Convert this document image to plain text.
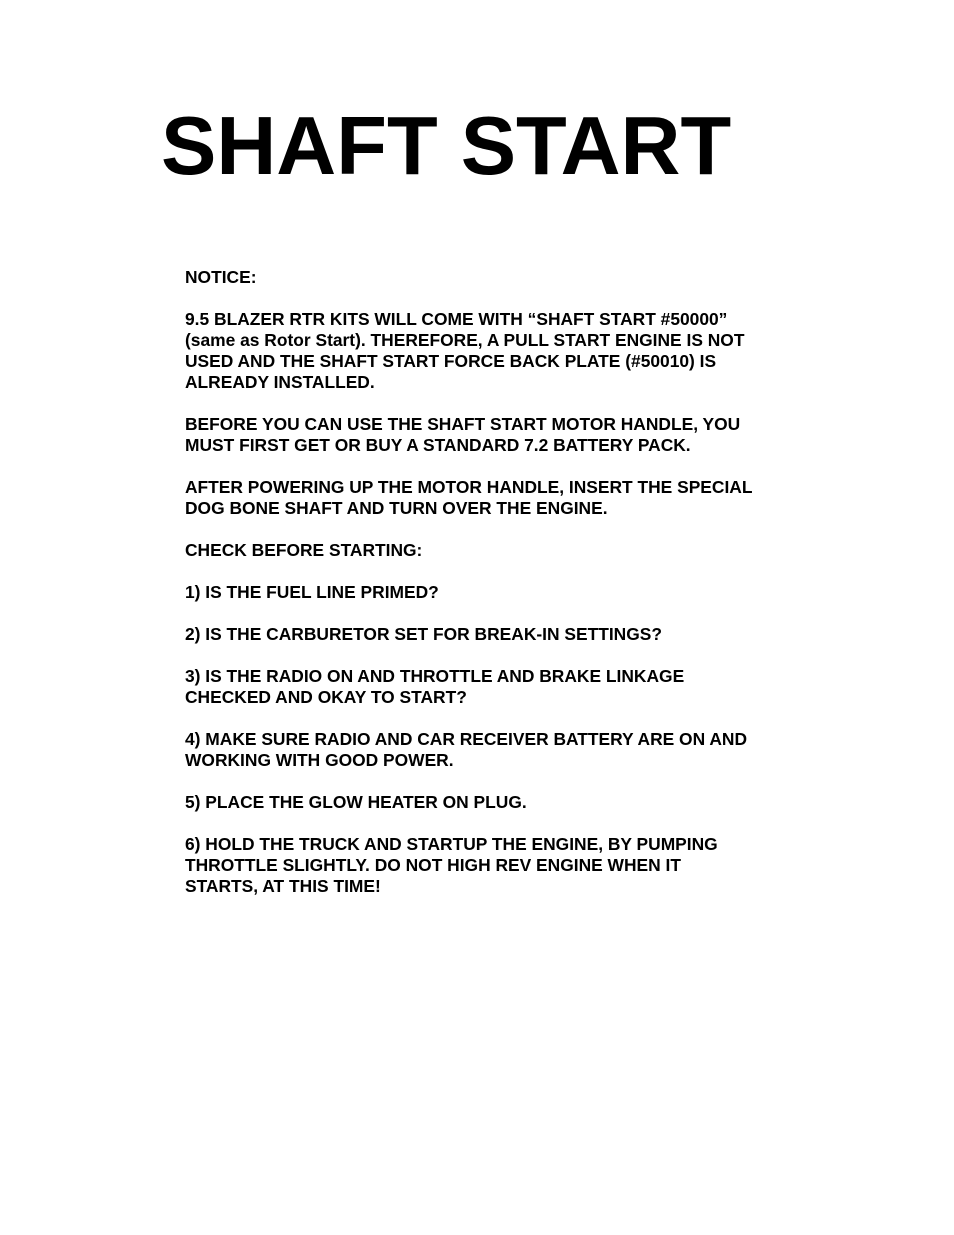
SHAFT START

NOTICE:

9.5 BLAZER RTR KITS WILL COME WITH “SHAFT START #50000”
(same as Rotor Start). THEREFORE, A PULL START ENGINE IS NOT
USED AND THE SHAFT START FORCE BACK PLATE (#50010) IS
ALREADY INSTALLED.

BEFORE YOU CAN USE THE SHAFT START MOTOR HANDLE, YOU
MUST FIRST GET OR BUY A STANDARD 7.2 BATTERY PACK.

AFTER POWERING UP THE MOTOR HANDLE, INSERT THE SPECIAL
DOG BONE SHAFT AND TURN OVER THE ENGINE.

CHECK BEFORE STARTING:

1) IS THE FUEL LINE PRIMED?

2) IS THE CARBURETOR SET FOR BREAK-IN SETTINGS?

3) IS THE RADIO ON AND THROTTLE AND BRAKE LINKAGE
CHECKED AND OKAY TO START?

4) MAKE SURE RADIO AND CAR RECEIVER BATTERY ARE ON AND
WORKING WITH GOOD POWER.

5) PLACE THE GLOW HEATER ON PLUG.

6) HOLD THE TRUCK AND STARTUP THE ENGINE, BY PUMPING
THROTTLE SLIGHTLY. DO NOT HIGH REV ENGINE WHEN IT
STARTS, AT THIS TIME!
